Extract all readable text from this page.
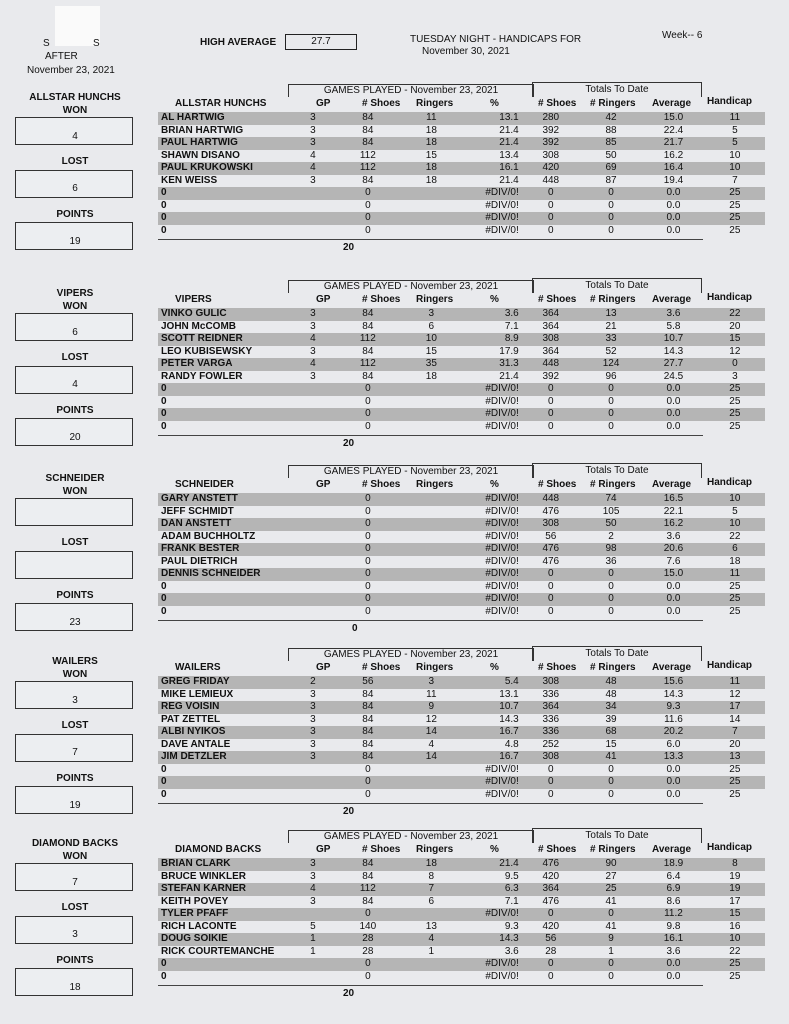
S	S
AFTER
November 23, 2021
HIGH AVERAGE	27.7	TUESDAY NIGHT - HANDICAPS FOR
November 30, 2021
Week-- 6
ALLSTAR HUNCHS
WON
4
LOST
6
POINTS
19
GAMES PLAYED - November 23, 2021	Totals To Date
ALLSTAR HUNCHS	GP	# Shoes Ringers	%	# Shoes # Ringers Average Handicap
AL HARTWIG	3	84	11	13.1	280	42	15.0	11
BRIAN HARTWIG	3	84	18	21.4	392	88	22.4	5
PAUL HARTWIG	3	84	18	21.4	392	85	21.7	5
SHAWN DISANO	4	112	15	13.4	308	50	16.2	10
PAUL KRUKOWSKI	4	112	18	16.1	420	69	16.4	10
KEN WEISS	3	84	18	21.4	448	87	19.4	7
0		0		#DIV/0!	0	0	0.0	25
0		0		#DIV/0!	0	0	0.0	25
0		0		#DIV/0!	0	0	0.0	25
0		0		#DIV/0!	0	0	0.0	25
20
VIPERS
WON
6
LOST
4
POINTS
20
GAMES PLAYED - November 23, 2021	Totals To Date
VIPERS	GP	# Shoes Ringers	%	# Shoes # Ringers Average Handicap
VINKO GULIC	3	84	3	3.6	364	13	3.6	22
JOHN McCOMB	3	84	6	7.1	364	21	5.8	20
SCOTT REIDNER	4	112	10	8.9	308	33	10.7	15
LEO KUBISEWSKY	3	84	15	17.9	364	52	14.3	12
PETER VARGA	4	112	35	31.3	448	124	27.7	0
RANDY FOWLER	3	84	18	21.4	392	96	24.5	3
0		0		#DIV/0!	0	0	0.0	25
0		0		#DIV/0!	0	0	0.0	25
0		0		#DIV/0!	0	0	0.0	25
0		0		#DIV/0!	0	0	0.0	25
20
SCHNEIDER
WON
LOST
POINTS
23
GAMES PLAYED - November 23, 2021	Totals To Date
SCHNEIDER	GP	# Shoes Ringers	%	# Shoes # Ringers Average Handicap
GARY ANSTETT		0		#DIV/0!	448	74	16.5	10
JEFF SCHMIDT		0		#DIV/0!	476	105	22.1	5
DAN ANSTETT		0		#DIV/0!	308	50	16.2	10
ADAM BUCHHOLTZ		0		#DIV/0!	56	2	3.6	22
FRANK BESTER		0		#DIV/0!	476	98	20.6	6
PAUL DIETRICH		0		#DIV/0!	476	36	7.6	18
DENNIS SCHNEIDER		0		#DIV/0!	0	0	15.0	11
0		0		#DIV/0!	0	0	0.0	25
0		0		#DIV/0!	0	0	0.0	25
0		0		#DIV/0!	0	0	0.0	25
0
WAILERS
WON
3
LOST
7
POINTS
19
GAMES PLAYED - November 23, 2021	Totals To Date
WAILERS	GP	# Shoes Ringers	%	# Shoes # Ringers Average Handicap
GREG FRIDAY	2	56	3	5.4	308	48	15.6	11
MIKE LEMIEUX	3	84	11	13.1	336	48	14.3	12
REG VOISIN	3	84	9	10.7	364	34	9.3	17
PAT ZETTEL	3	84	12	14.3	336	39	11.6	14
ALBI NYIKOS	3	84	14	16.7	336	68	20.2	7
DAVE ANTALE	3	84	4	4.8	252	15	6.0	20
JIM DETZLER	3	84	14	16.7	308	41	13.3	13
0		0		#DIV/0!	0	0	0.0	25
0		0		#DIV/0!	0	0	0.0	25
0		0		#DIV/0!	0	0	0.0	25
20
DIAMOND BACKS
WON
7
LOST
3
POINTS
18
GAMES PLAYED - November 23, 2021	Totals To Date
DIAMOND BACKS	GP	# Shoes Ringers	%	# Shoes # Ringers Average Handicap
BRIAN CLARK	3	84	18	21.4	476	90	18.9	8
BRUCE WINKLER	3	84	8	9.5	420	27	6.4	19
STEFAN KARNER	4	112	7	6.3	364	25	6.9	19
KEITH POVEY	3	84	6	7.1	476	41	8.6	17
TYLER PFAFF		0		#DIV/0!	0	0	11.2	15
RICH LACONTE	5	140	13	9.3	420	41	9.8	16
DOUG SOIKIE	1	28	4	14.3	56	9	16.1	10
RICK COURTEMANCHE	1	28	1	3.6	28	1	3.6	22
0		0		#DIV/0!	0	0	0.0	25
0		0		#DIV/0!	0	0	0.0	25
20
